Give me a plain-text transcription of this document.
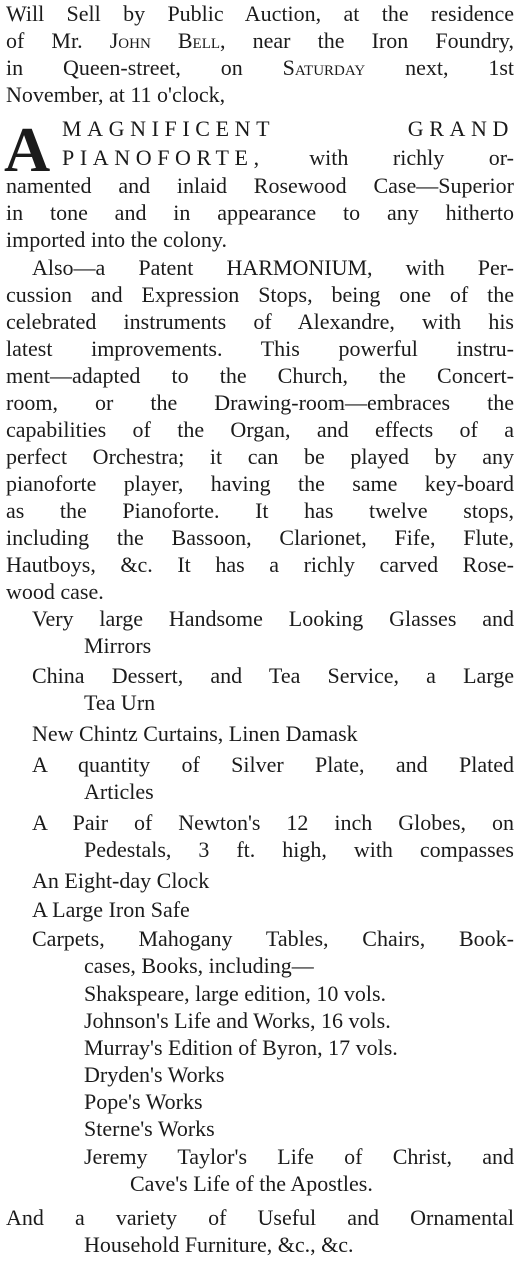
Will Sell by Public Auction, at the residence
of Mr. John Bell, near the Iron Foundry,
in Queen-street, on Saturday next, 1st
November, at 11 o'clock,
A MAGNIFICENT GRAND
PIANOFORTE, with richly or-
namented and inlaid Rosewood Case—Superior
in tone and in appearance to any hitherto
imported into the colony.
Also—a Patent HARMONIUM, with Per-
cussion and Expression Stops, being one of the
celebrated instruments of Alexandre, with his
latest improvements. This powerful instru-
ment—adapted to the Church, the Concert-
room, or the Drawing-room—embraces the
capabilities of the Organ, and effects of a
perfect Orchestra; it can be played by any
pianoforte player, having the same key-board
as the Pianoforte. It has twelve stops,
including the Bassoon, Clarionet, Fife, Flute,
Hautboys, &c. It has a richly carved Rose-
wood case.
Very large Handsome Looking Glasses and
Mirrors
China Dessert, and Tea Service, a Large
Tea Urn
New Chintz Curtains, Linen Damask
A quantity of Silver Plate, and Plated
Articles
A Pair of Newton's 12 inch Globes, on
Pedestals, 3 ft. high, with compasses
An Eight-day Clock
A Large Iron Safe
Carpets, Mahogany Tables, Chairs, Book-
cases, Books, including—
Shakspeare, large edition, 10 vols.
Johnson's Life and Works, 16 vols.
Murray's Edition of Byron, 17 vols.
Dryden's Works
Pope's Works
Sterne's Works
Jeremy Taylor's Life of Christ, and
Cave's Life of the Apostles.
And a variety of Useful and Ornamental
Household Furniture, &c., &c.
